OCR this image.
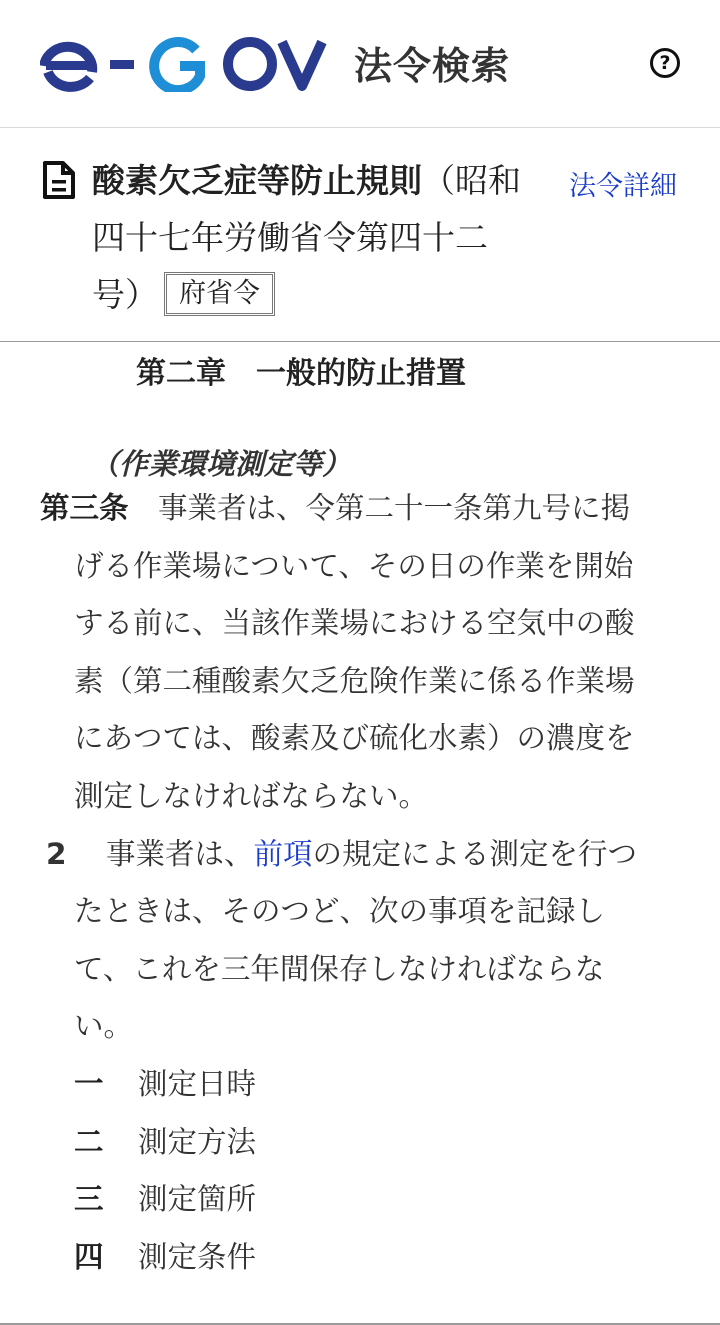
法令検索	?
酸素欠乏症等防止規則（昭和四十七年労働省令第四十二号） 府省令
法令詳細
第二章　一般的防止措置
（作業環境測定等）
第三条　 事業者は、令第二十一条第九号に掲げる作業場について、その日の作業を開始する前に、当該作業場における空気中の酸素（第二種酸素欠乏危険作業に係る作業場にあつては、酸素及び硫化水素）の濃度を測定しなければならない。
2 事業者は、前項の規定による測定を行つたときは、そのつど、次の事項を記録して、これを三年間保存しなければならない。
一	測定日時
二	測定方法
三	測定箇所
四	測定条件
